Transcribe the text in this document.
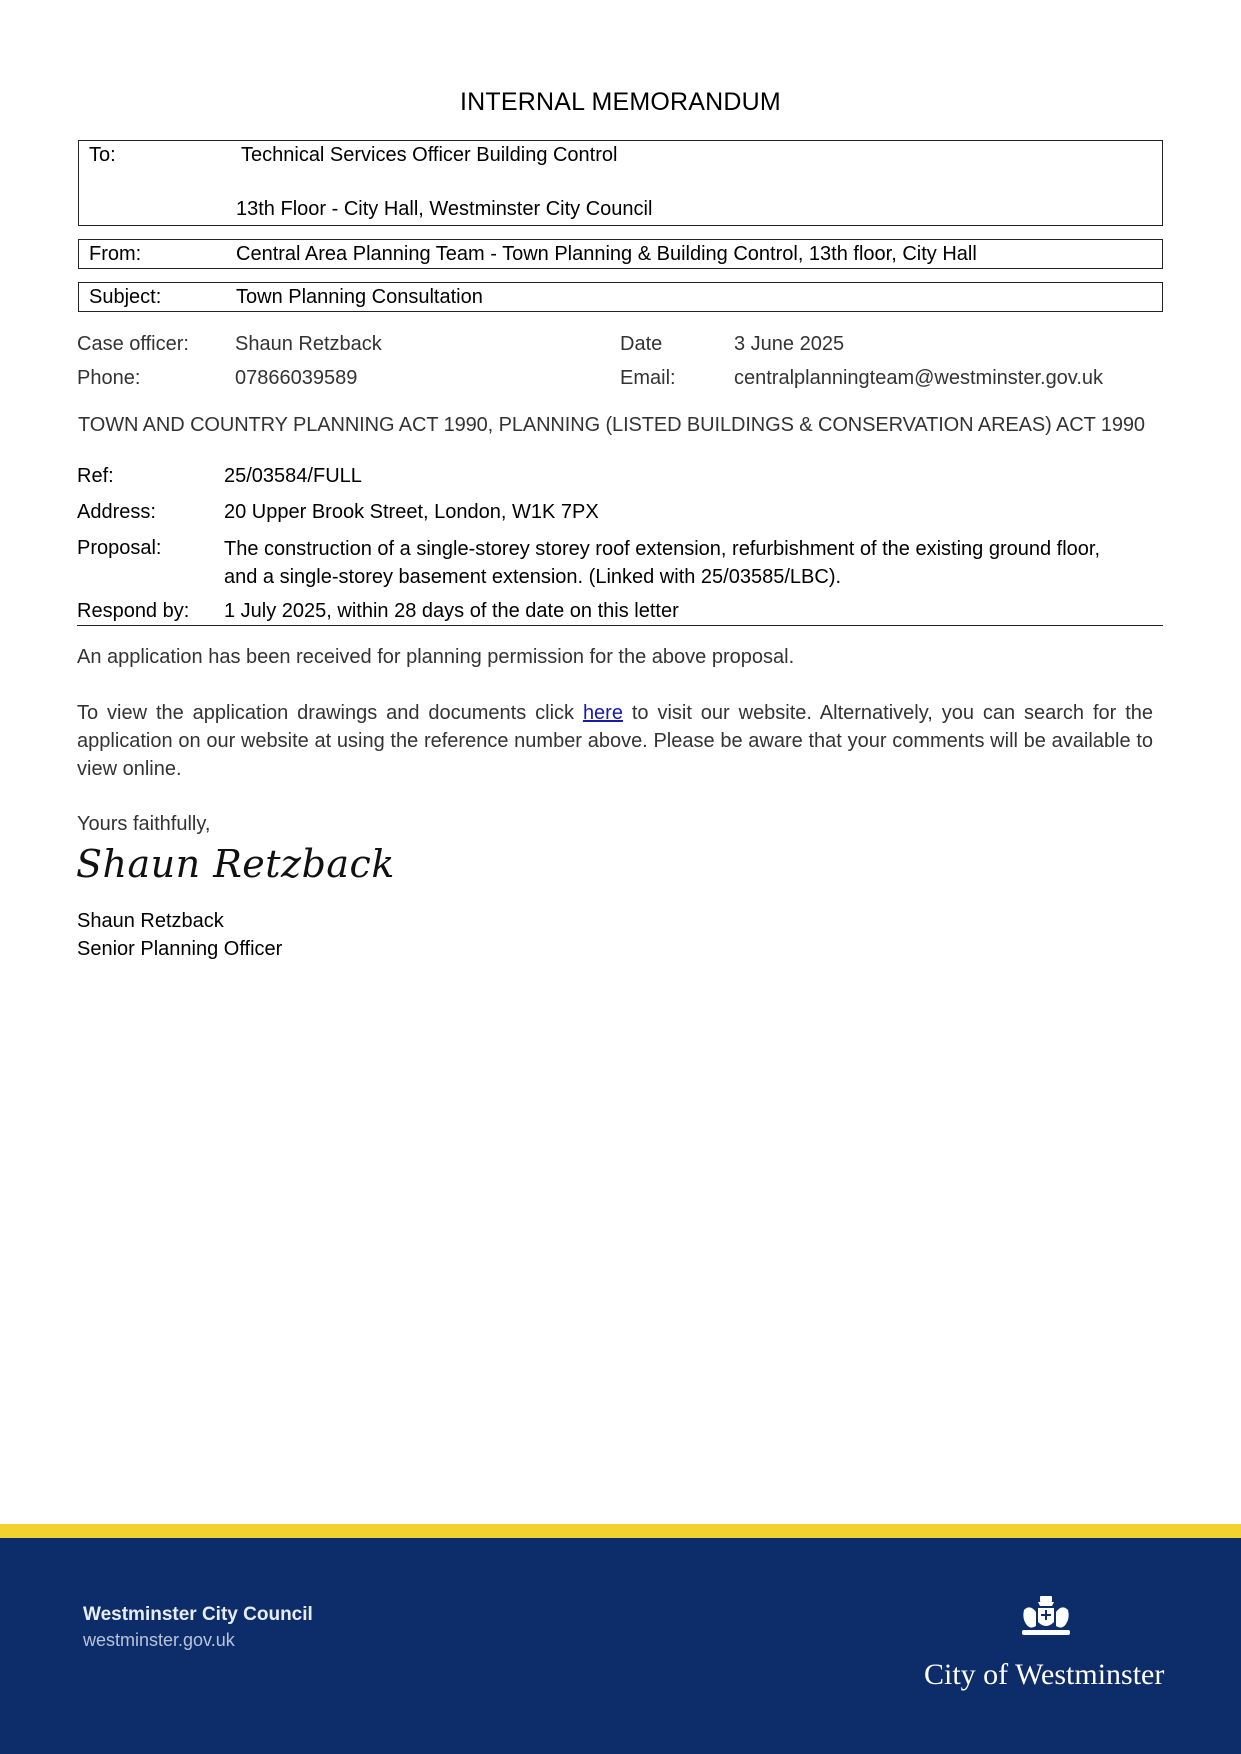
INTERNAL MEMORANDUM
To:	Technical Services Officer Building Control
13th Floor - City Hall, Westminster City Council
From:	Central Area Planning Team - Town Planning & Building Control, 13th floor, City Hall
Subject:	Town Planning Consultation
Case officer: Shaun Retzback	Date	3 June 2025
Phone:	07866039589	Email:	centralplanningteam@westminster.gov.uk
TOWN AND COUNTRY PLANNING ACT 1990, PLANNING (LISTED BUILDINGS & CONSERVATION AREAS) ACT 1990
Ref:	25/03584/FULL
Address:	20 Upper Brook Street, London, W1K 7PX
Proposal:	The construction of a single-storey storey roof extension, refurbishment of the existing ground floor,
and a single-storey basement extension. (Linked with 25/03585/LBC).
Respond by: 1 July 2025, within 28 days of the date on this letter
An application has been received for planning permission for the above proposal.
To view the application drawings and documents click here to visit our website. Alternatively, you can search for the application on our website at using the reference number above. Please be aware that your comments will be available to view online.
Yours faithfully,
Shaun Retzback
Shaun Retzback
Senior Planning Officer
Westminster City Council
westminster.gov.uk
City of Westminster
